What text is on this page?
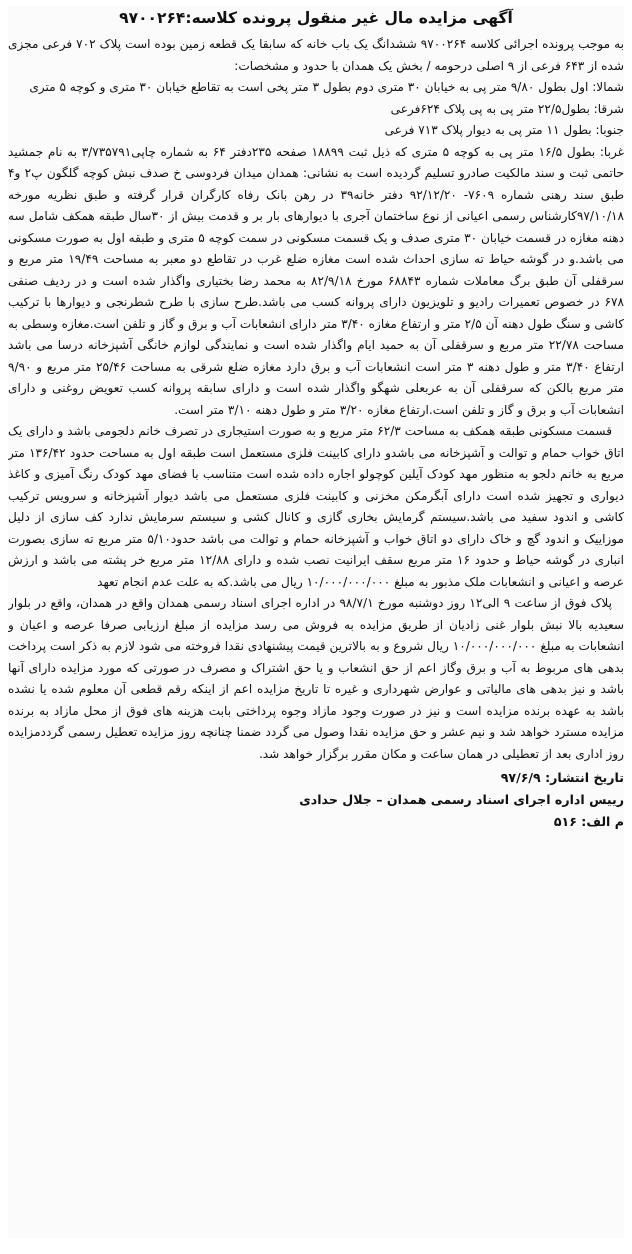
آگهی مزایده مال غیر منقول پرونده کلاسه:۹۷۰۰۲۶۴

به موجب پرونده اجرائی کلاسه ۹۷۰۰۲۶۴ ششدانگ یک باب خانه که سابقا یک قطعه زمین بوده است پلاک ۷۰۲ فرعی مجزی شده از ۶۴۳ فرعی از ۹ اصلی درحومه / بخش یک همدان با حدود و مشخصات:

شمالا: اول بطول ۹/۸۰ متر پی به خیابان ۳۰ متری دوم بطول ۳ متر پخی است به تقاطع خیابان ۳۰ متری و کوچه ۵ متری

شرقا: بطول۲۲/۵ متر پی به پی پلاک ۶۲۴فرعی

جنوبا: بطول ۱۱ متر پی به دیوار پلاک ۷۱۳ فرعی

غربا: بطول ۱۶/۵ متر پی به کوچه ۵ متری که ذیل ثبت ۱۸۸۹۹ صفحه ۲۳۵دفتر ۶۴ به شماره چاپی۳/۷۳۵۷۹۱ به نام جمشید حاتمی ثبت و سند مالکیت صادرو تسلیم گردیده است به نشانی: همدان میدان فردوسی خ صدف نبش کوچه گلگون پ۲ و۴ طبق سند رهنی شماره ۷۶۰۹- ۹۲/۱۲/۲۰ دفتر خانه۳۹ در رهن بانک رفاه کارگران قرار گرفته و طبق نظریه مورخه ۹۷/۱۰/۱۸کارشناس رسمی اعیانی از نوع ساختمان آجری با دیوارهای بار بر و قدمت بیش از ۳۰سال طبقه همکف شامل سه دهنه مغازه در قسمت خیابان ۳۰ متری صدف و یک قسمت مسکونی در سمت کوچه ۵ متری و طبقه اول به صورت مسکونی می باشد.و در گوشه حیاط ته سازی احداث شده است مغازه ضلع غرب در تقاطع دو معبر به مساحت ۱۹/۴۹ متر مربع و سرقفلی آن طبق برگ معاملات شماره ۶۸۸۴۳ مورخ ۸۲/۹/۱۸ به محمد رضا بختیاری واگذار شده است و در ردیف صنفی ۶۷۸ در خصوص تعمیرات رادیو و تلویزیون دارای پروانه کسب می باشد.طرح سازی با طرح شطرنجی و دیوارها با ترکیب کاشی و سنگ طول دهنه آن ۲/۵ متر و ارتفاع مغازه ۳/۴۰ متر دارای انشعابات آب و برق و گاز و تلفن است.مغازه وسطی به مساحت ۲۲/۷۸ متر مربع و سرقفلی آن به حمید ایام واگذار شده است و نمایندگی لوازم خانگی آشپزخانه درسا می باشد ارتفاع ۳/۴۰ متر و طول دهنه ۳ متر است انشعابات آب و برق دارد مغازه ضلع شرقی به مساحت ۲۵/۴۶ متر مربع و ۹/۹۰ متر مربع بالکن که سرقفلی آن به عربعلی شهگو واگذار شده است و دارای سابقه پروانه کسب تعویض روغنی و دارای انشعابات آب و برق و گاز و تلفن است.ارتفاع مغازه ۳/۲۰ متر و طول دهنه ۳/۱۰ متر است.

قسمت مسکونی طبقه همکف به مساحت ۶۲/۳ متر مربع و به صورت استیجاری در تصرف خانم دلجومی باشد و دارای یک اتاق خواب حمام و توالت و آشپزخانه می باشدو دارای کابینت فلزی مستعمل است طبقه اول به مساحت حدود ۱۳۶/۴۲ متر مربع به خانم دلجو به منظور مهد کودک آیلین کوچولو اجاره داده شده است متناسب با فضای مهد کودک رنگ آمیزی و کاغذ دیواری و تجهیز شده است دارای آبگرمکن مخزنی و کابینت فلزی مستعمل می باشد دیوار آشپزخانه و سرویس ترکیب کاشی و اندود سفید می باشد.سیستم گرمایش بخاری گازی و کانال کشی و سیستم سرمایش ندارد کف سازی از دلیل موزاییک و اندود گچ و خاک دارای دو اتاق خواب و آشپزخانه حمام و توالت می باشد حدود۵/۱۰ متر مربع ته سازی بصورت انباری در گوشه حیاط و حدود ۱۶ متر مربع سقف ایرانیت نصب شده و دارای ۱۲/۸۸ متر مربع خر پشته می باشد و ارزش عرصه و اعیانی و انشعابات ملک مذبور به مبلغ ۱۰/۰۰۰/۰۰۰/۰۰۰ ریال می باشد.که به علت عدم انجام تعهد

پلاک فوق از ساعت ۹ الی۱۲ روز دوشنبه مورخ ۹۸/۷/۱ در اداره اجرای اسناد رسمی همدان واقع در همدان، واقع در بلوار سعیدیه بالا نبش بلوار غنی زادیان از طریق مزایده به فروش می رسد مزایده از مبلغ ارزیابی صرفا عرصه و اعیان و انشعابات به مبلغ ۱۰/۰۰۰/۰۰۰/۰۰۰ ریال شروع و به بالاترین قیمت پیشنهادی نقدا فروخته می شود لازم به ذکر است پرداخت بدهی های مربوط به آب و برق وگاز اعم از حق انشعاب و یا حق اشتراک و مصرف در صورتی که مورد مزایده دارای آنها باشد و نیز بدهی های مالیاتی و عوارض شهرداری و غیره تا تاریخ مزایده اعم از اینکه رقم قطعی آن معلوم شده یا نشده باشد به عهده برنده مزایده است و نیز در صورت وجود مازاد وجوه پرداختی بابت هزینه های فوق از محل مازاد به برنده مزایده مسترد خواهد شد و نیم عشر و حق مزایده نقدا وصول می گردد ضمنا چنانچه روز مزایده تعطیل رسمی گرددمزایده روز اداری بعد از تعطیلی در همان ساعت و مکان مقرر برگزار خواهد شد.

تاریخ انتشار: ۹۷/۶/۹
رییس اداره اجرای اسناد رسمی همدان – جلال حدادی
م الف: ۵۱۶
